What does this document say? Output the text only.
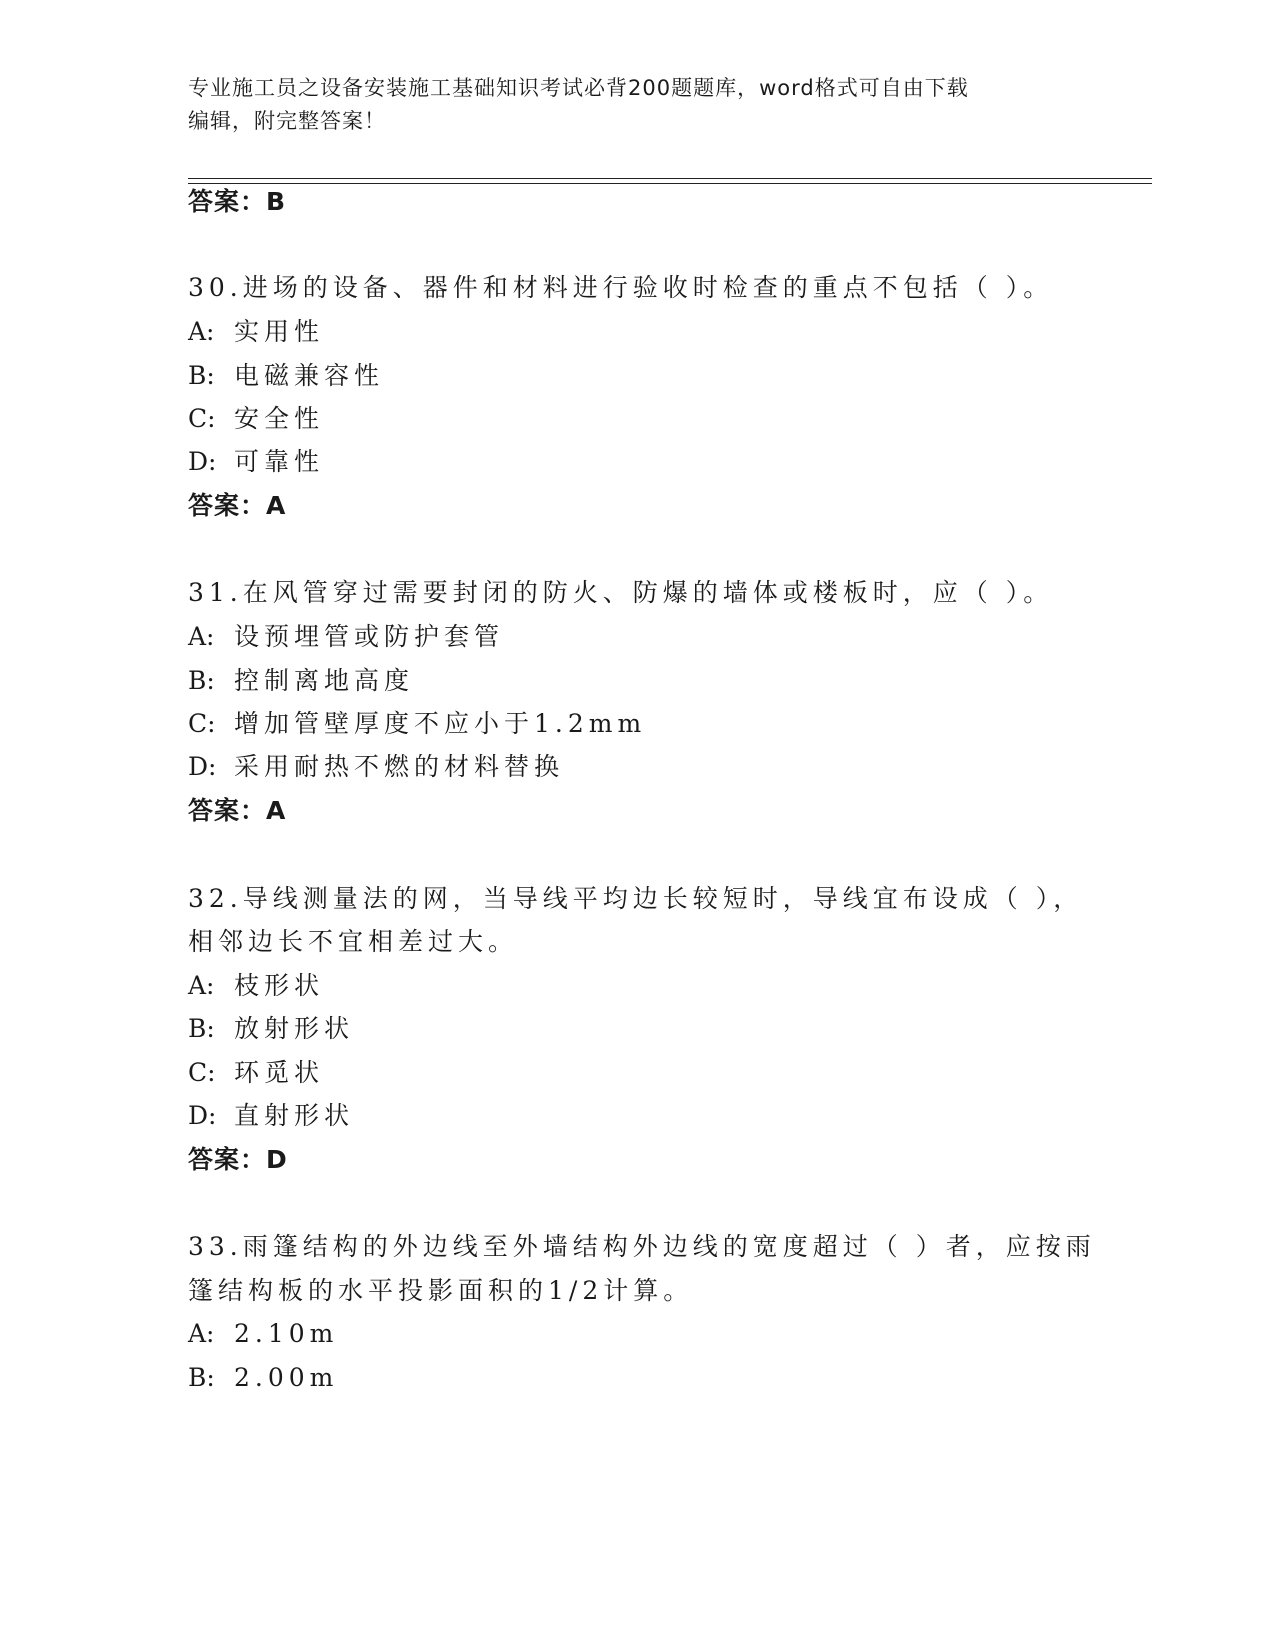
专业施工员之设备安装施工基础知识考试必背200题题库，word格式可自由下载
编辑，附完整答案！
答案：B
30.进场的设备、器件和材料进行验收时检查的重点不包括（ ）。
A: 实用性
B: 电磁兼容性
C: 安全性
D: 可靠性
答案：A
31.在风管穿过需要封闭的防火、防爆的墙体或楼板时，应（ ）。
A: 设预埋管或防护套管
B: 控制离地高度
C: 增加管壁厚度不应小于1.2mm
D: 采用耐热不燃的材料替换
答案：A
32.导线测量法的网，当导线平均边长较短时，导线宜布设成（ ），
相邻边长不宜相差过大。
A: 枝形状
B: 放射形状
C: 环觅状
D: 直射形状
答案：D
33.雨篷结构的外边线至外墙结构外边线的宽度超过（ ）者，应按雨
篷结构板的水平投影面积的1/2计算。
A: 2.10m
B: 2.00m
